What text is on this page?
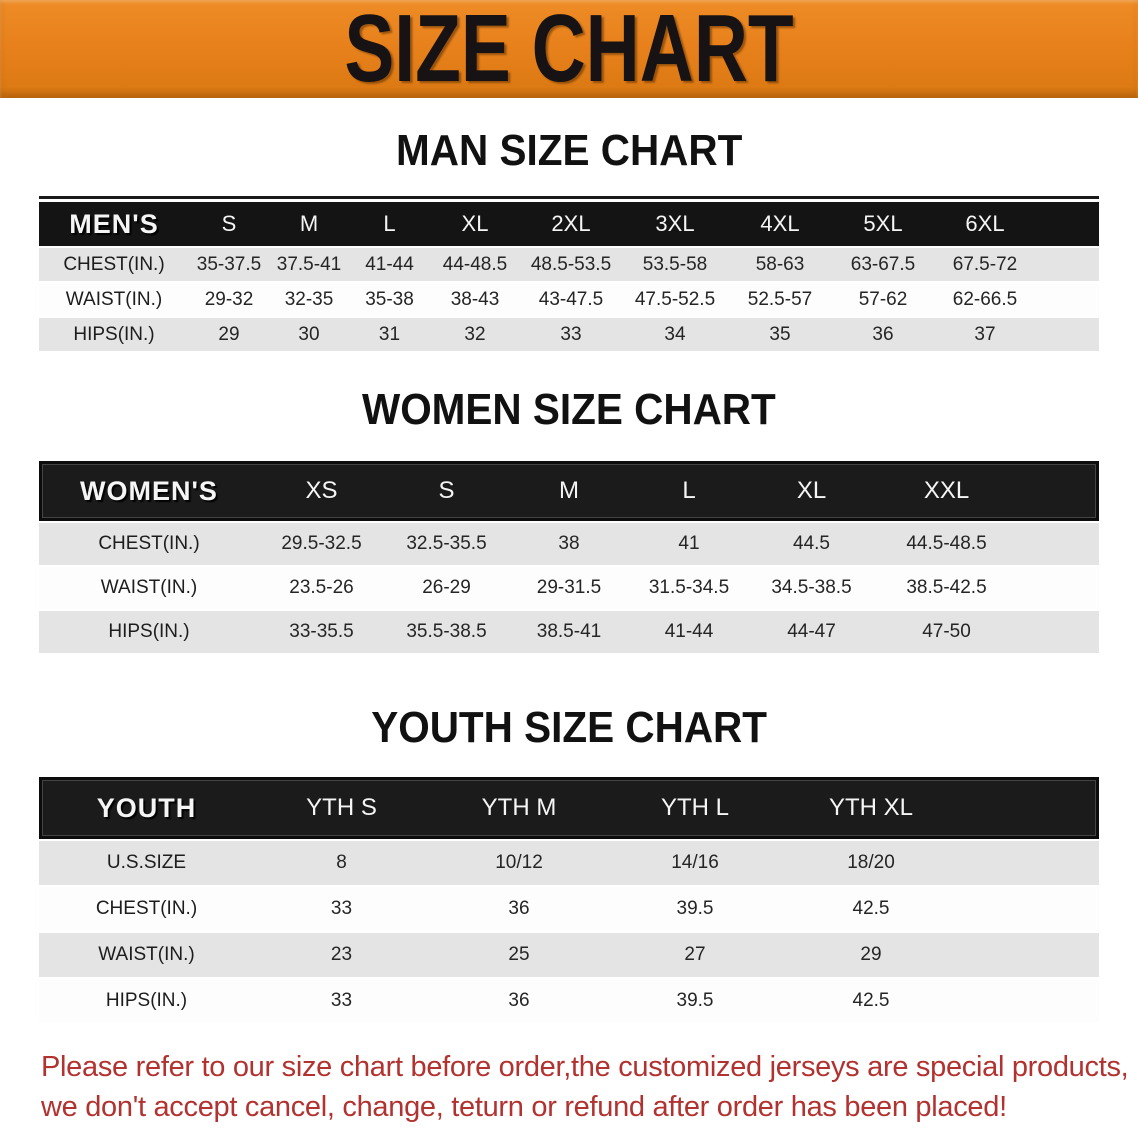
SIZE CHART
MAN SIZE CHART
MEN'S	S	M	L	XL	2XL	3XL	4XL	5XL	6XL
CHEST(IN.)	35-37.5 37.5-41	41-44	44-48.5	48.5-53.5	53.5-58	58-63	63-67.5	67.5-72
WAIST(IN.)	29-32	32-35	35-38	38-43	43-47.5	47.5-52.5	52.5-57	57-62	62-66.5
HIPS(IN.)	29	30	31	32	33	34	35	36	37
WOMEN SIZE CHART
WOMEN'S	XS	S	M	L	XL	XXL
CHEST(IN.)	29.5-32.5	32.5-35.5	38	41	44.5	44.5-48.5
WAIST(IN.)	23.5-26	26-29	29-31.5	31.5-34.5	34.5-38.5	38.5-42.5
HIPS(IN.)	33-35.5	35.5-38.5	38.5-41	41-44	44-47	47-50
YOUTH SIZE CHART
YOUTH	YTH S	YTH M	YTH L	YTH XL
U.S.SIZE	8	10/12	14/16	18/20
CHEST(IN.)	33	36	39.5	42.5
WAIST(IN.)	23	25	27	29
HIPS(IN.)	33	36	39.5	42.5
Please refer to our size chart before order,the customized jerseys are special products,
we don't accept cancel, change, teturn or refund after order has been placed!
